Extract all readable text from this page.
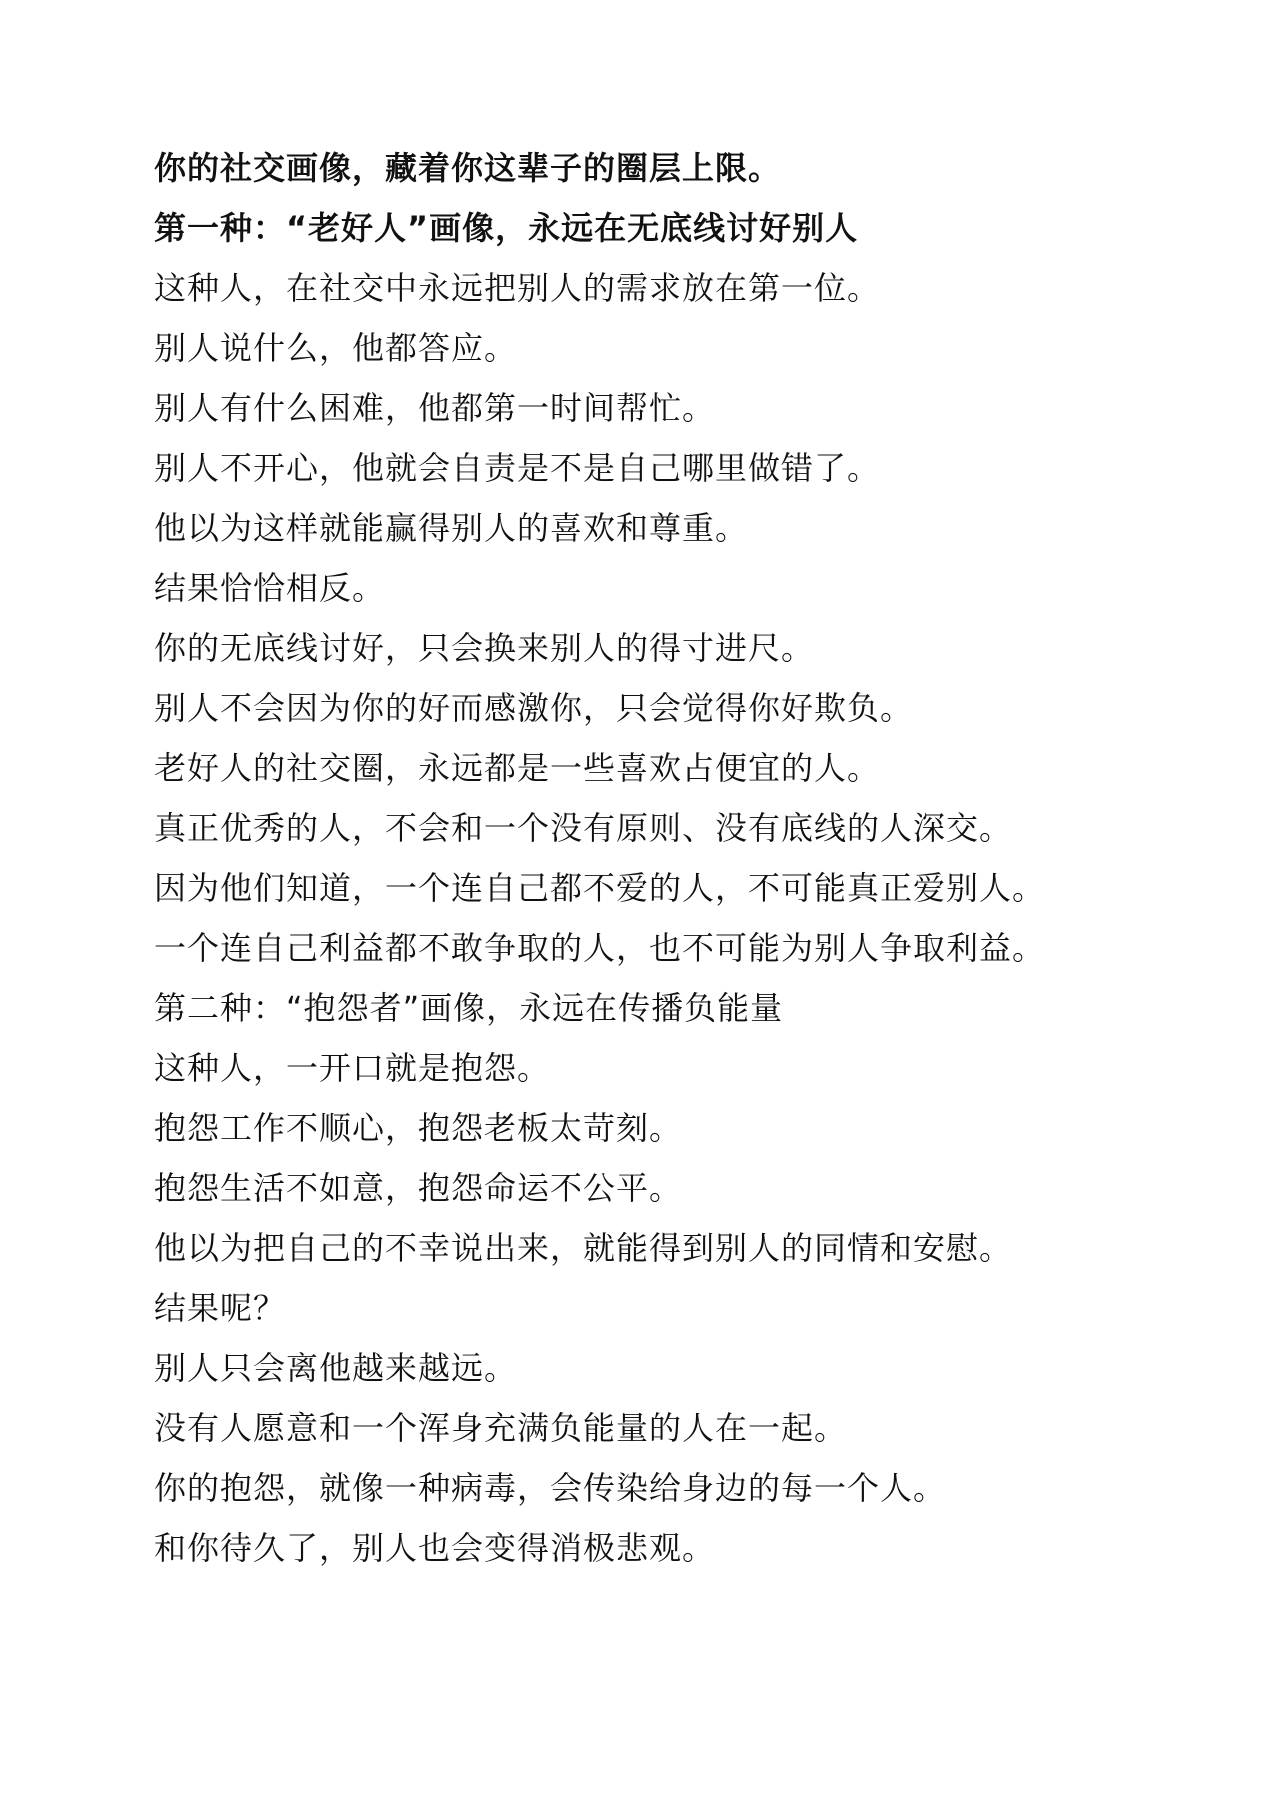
你的社交画像，藏着你这辈子的圈层上限。
第一种：“老好人”画像，永远在无底线讨好别人
这种人，在社交中永远把别人的需求放在第一位。
别人说什么，他都答应。
别人有什么困难，他都第一时间帮忙。
别人不开心，他就会自责是不是自己哪里做错了。
他以为这样就能赢得别人的喜欢和尊重。
结果恰恰相反。
你的无底线讨好，只会换来别人的得寸进尺。
别人不会因为你的好而感激你，只会觉得你好欺负。
老好人的社交圈，永远都是一些喜欢占便宜的人。
真正优秀的人，不会和一个没有原则、没有底线的人深交。
因为他们知道，一个连自己都不爱的人，不可能真正爱别人。
一个连自己利益都不敢争取的人，也不可能为别人争取利益。
第二种：“抱怨者”画像，永远在传播负能量
这种人，一开口就是抱怨。
抱怨工作不顺心，抱怨老板太苛刻。
抱怨生活不如意，抱怨命运不公平。
他以为把自己的不幸说出来，就能得到别人的同情和安慰。
结果呢？
别人只会离他越来越远。
没有人愿意和一个浑身充满负能量的人在一起。
你的抱怨，就像一种病毒，会传染给身边的每一个人。
和你待久了，别人也会变得消极悲观。
